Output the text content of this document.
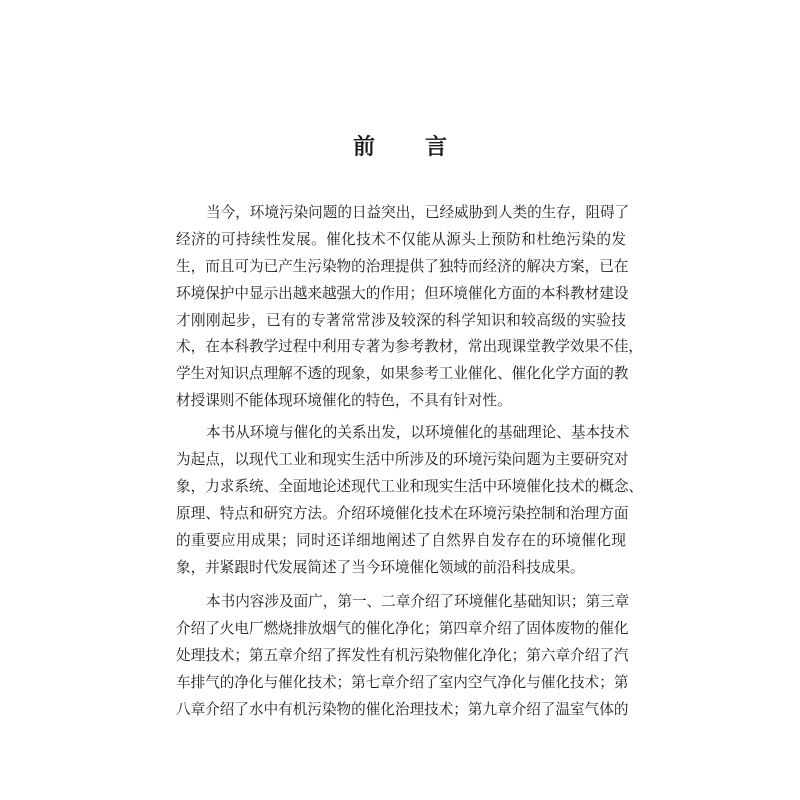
前　言
当今，环境污染问题的日益突出，已经威胁到人类的生存，阻碍了
经济的可持续性发展。催化技术不仅能从源头上预防和杜绝污染的发
生，而且可为已产生污染物的治理提供了独特而经济的解决方案，已在
环境保护中显示出越来越强大的作用；但环境催化方面的本科教材建设
才刚刚起步，已有的专著常常涉及较深的科学知识和较高级的实验技
术，在本科教学过程中利用专著为参考教材，常出现课堂教学效果不佳，
学生对知识点理解不透的现象，如果参考工业催化、催化化学方面的教
材授课则不能体现环境催化的特色，不具有针对性。
本书从环境与催化的关系出发，以环境催化的基础理论、基本技术
为起点，以现代工业和现实生活中所涉及的环境污染问题为主要研究对
象，力求系统、全面地论述现代工业和现实生活中环境催化技术的概念、
原理、特点和研究方法。介绍环境催化技术在环境污染控制和治理方面
的重要应用成果；同时还详细地阐述了自然界自发存在的环境催化现
象，并紧跟时代发展简述了当今环境催化领域的前沿科技成果。
本书内容涉及面广，第一、二章介绍了环境催化基础知识；第三章
介绍了火电厂燃烧排放烟气的催化净化；第四章介绍了固体废物的催化
处理技术；第五章介绍了挥发性有机污染物催化净化；第六章介绍了汽
车排气的净化与催化技术；第七章介绍了室内空气净化与催化技术；第
八章介绍了水中有机污染物的催化治理技术；第九章介绍了温室气体的
